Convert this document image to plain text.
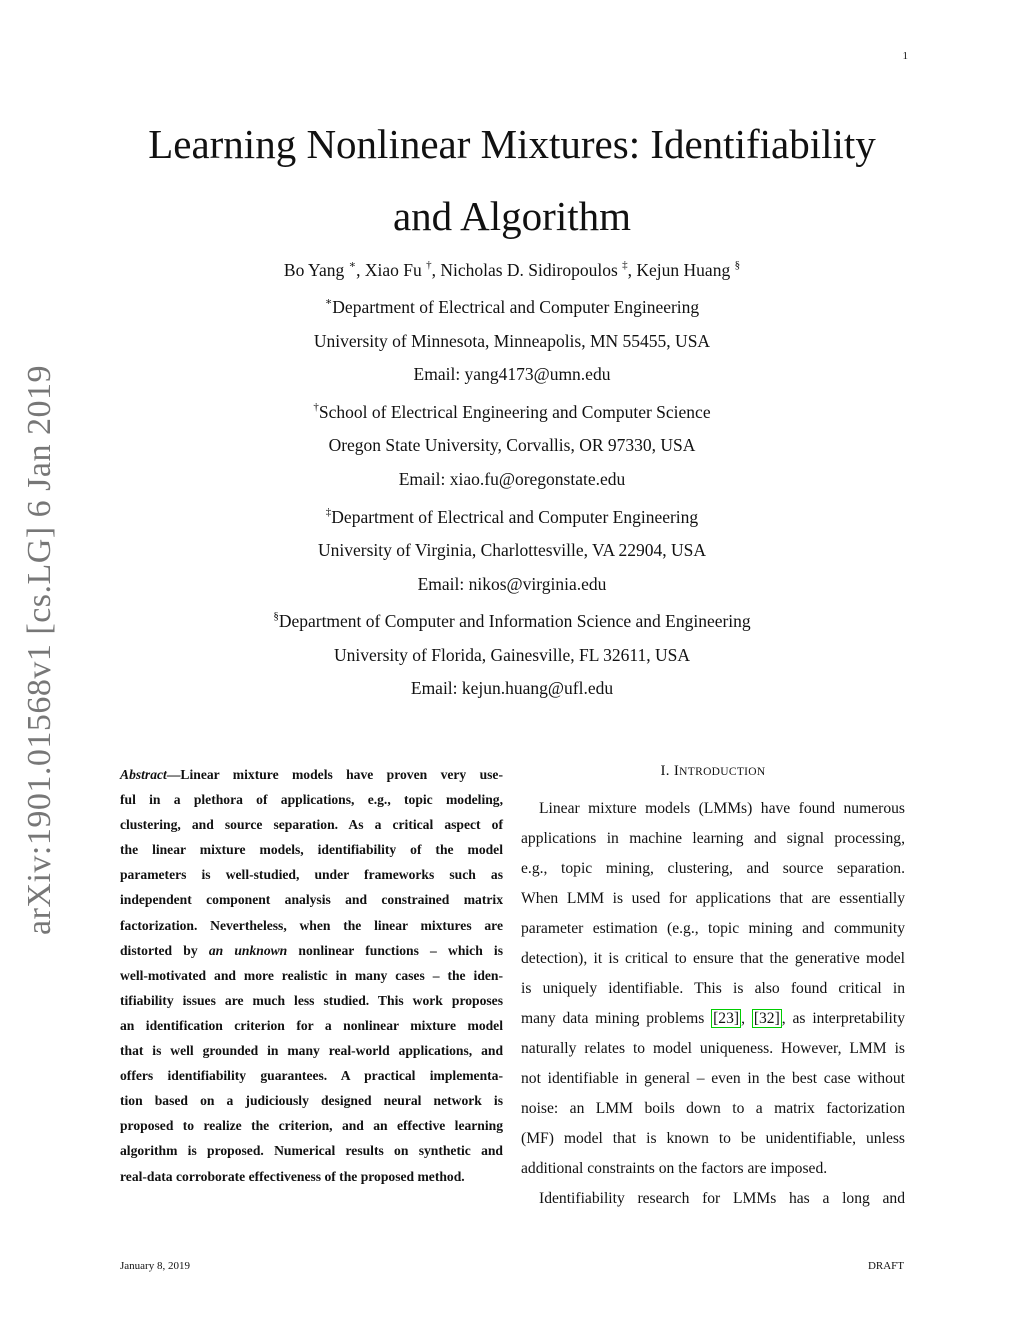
1
arXiv:1901.01568v1 [cs.LG] 6 Jan 2019
Learning Nonlinear Mixtures: Identifiability
and Algorithm
Bo Yang ∗, Xiao Fu †, Nicholas D. Sidiropoulos ‡, Kejun Huang §
∗Department of Electrical and Computer Engineering
University of Minnesota, Minneapolis, MN 55455, USA
Email: yang4173@umn.edu
†School of Electrical Engineering and Computer Science
Oregon State University, Corvallis, OR 97330, USA
Email: xiao.fu@oregonstate.edu
‡Department of Electrical and Computer Engineering
University of Virginia, Charlottesville, VA 22904, USA
Email: nikos@virginia.edu
§Department of Computer and Information Science and Engineering
University of Florida, Gainesville, FL 32611, USA
Email: kejun.huang@ufl.edu
Abstract—Linear mixture models have proven very use-
ful in a plethora of applications, e.g., topic modeling,
clustering, and source separation. As a critical aspect of
the linear mixture models, identifiability of the model
parameters is well-studied, under frameworks such as
independent component analysis and constrained matrix
factorization. Nevertheless, when the linear mixtures are
distorted by an unknown nonlinear functions – which is
well-motivated and more realistic in many cases – the iden-
tifiability issues are much less studied. This work proposes
an identification criterion for a nonlinear mixture model
that is well grounded in many real-world applications, and
offers identifiability guarantees. A practical implementa-
tion based on a judiciously designed neural network is
proposed to realize the criterion, and an effective learning
algorithm is proposed. Numerical results on synthetic and
real-data corroborate effectiveness of the proposed method.
I. INTRODUCTION
Linear mixture models (LMMs) have found numerous
applications in machine learning and signal processing,
e.g., topic mining, clustering, and source separation.
When LMM is used for applications that are essentially
parameter estimation (e.g., topic mining and community
detection), it is critical to ensure that the generative model
is uniquely identifiable. This is also found critical in
many data mining problems [23] , [32] , as interpretability
naturally relates to model uniqueness. However, LMM is
not identifiable in general – even in the best case without
noise: an LMM boils down to a matrix factorization
(MF) model that is known to be unidentifiable, unless
additional constraints on the factors are imposed.
Identifiability research for LMMs has a long and
January 8, 2019	DRAFT
